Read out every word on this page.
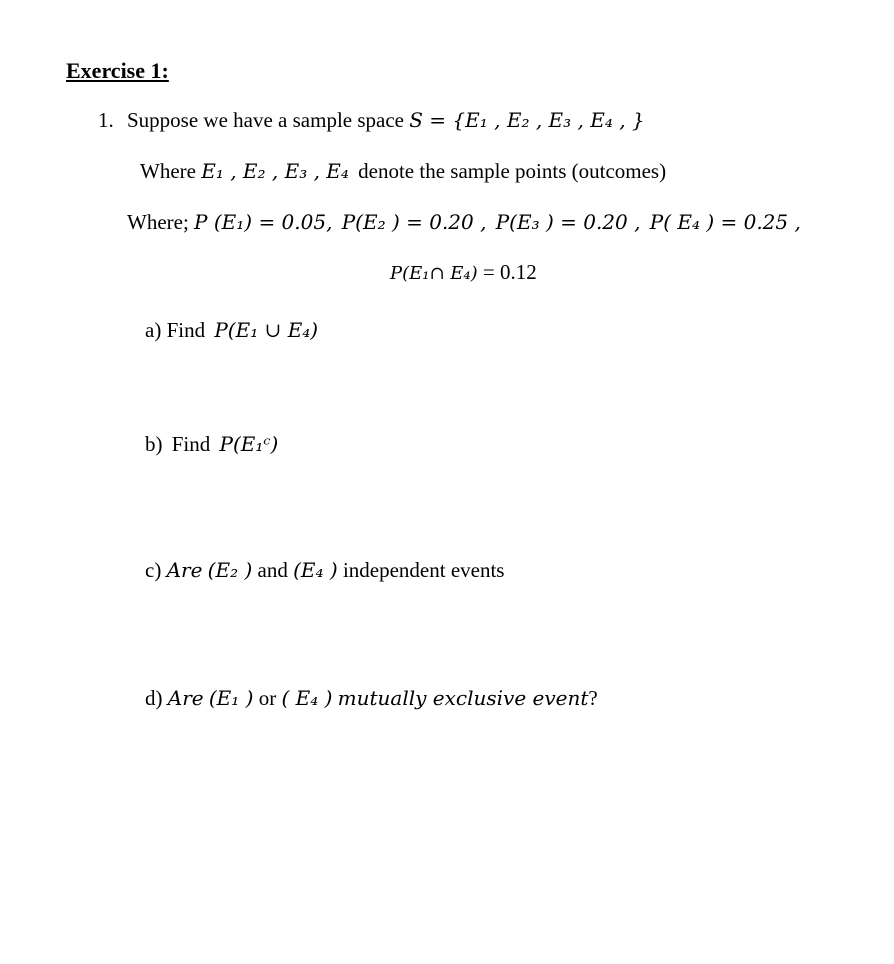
Exercise 1:
1. Suppose we have a sample space S = {E₁ , E₂ , E₃ , E₄ , }
Where E₁ , E₂ , E₃ , E₄ denote the sample points (outcomes)
Where; P (E₁) = 0.05, P(E₂ ) = 0.20 , P(E₃ ) = 0.20 , P( E₄ ) = 0.25 ,
P(E₁∩ E₄) = 0.12
a) Find P(E₁ ∪ E₄)
b) Find P(E₁ᶜ)
c) Are (E₂ ) and (E₄ ) independent events
d) Are (E₁ ) or ( E₄ ) mutually exclusive event?
